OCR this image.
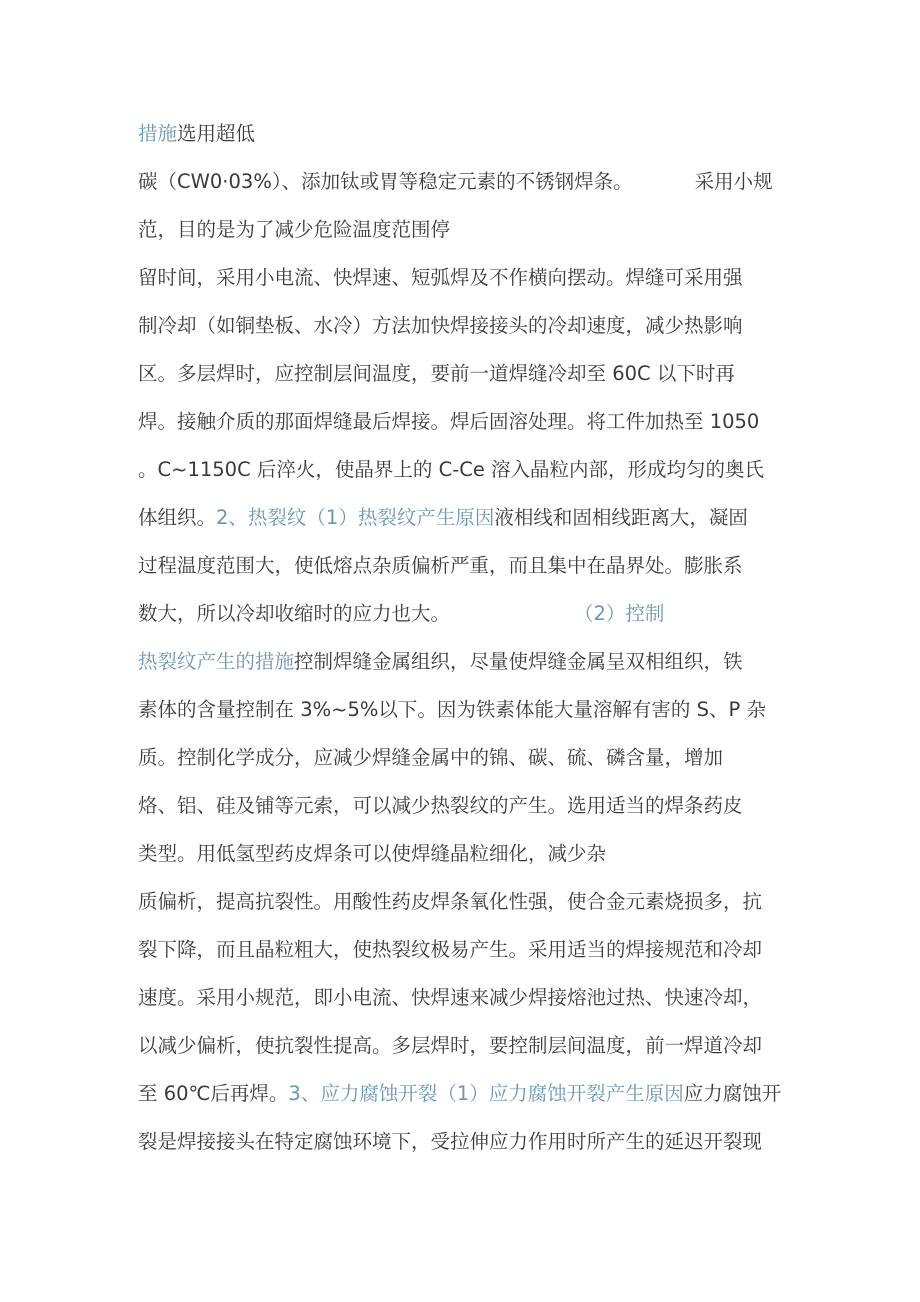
措施选用超低
碳（CW0·03%）、添加钛或胃等稳定元素的不锈钢焊条。          采用小规
范，目的是为了减少危险温度范围停
留时间，采用小电流、快焊速、短弧焊及不作横向摆动。焊缝可采用强
制冷却（如铜垫板、水冷）方法加快焊接接头的冷却速度，减少热影响
区。多层焊时，应控制层间温度，要前一道焊缝冷却至 60C 以下时再
焊。接触介质的那面焊缝最后焊接。焊后固溶处理。将工件加热至 1050
。C~1150C 后淬火，使晶界上的 C-Ce 溶入晶粒内部，形成均匀的奥氏
体组织。2、热裂纹（1）热裂纹产生原因液相线和固相线距离大，凝固
过程温度范围大，使低熔点杂质偏析严重，而且集中在晶界处。膨胀系
数大，所以冷却收缩时的应力也大。                    （2）控制
热裂纹产生的措施控制焊缝金属组织，尽量使焊缝金属呈双相组织，铁
素体的含量控制在 3%~5%以下。因为铁素体能大量溶解有害的 S、P 杂
质。控制化学成分，应减少焊缝金属中的锦、碳、硫、磷含量，增加
烙、铝、硅及铺等元索，可以减少热裂纹的产生。选用适当的焊条药皮
类型。用低氢型药皮焊条可以使焊缝晶粒细化，减少杂
质偏析，提高抗裂性。用酸性药皮焊条氧化性强，使合金元素烧损多，抗
裂下降，而且晶粒粗大，使热裂纹极易产生。采用适当的焊接规范和冷却
速度。采用小规范，即小电流、快焊速来减少焊接熔池过热、快速冷却，
以减少偏析，使抗裂性提高。多层焊时，要控制层间温度，前一焊道冷却
至 60℃后再焊。3、应力腐蚀开裂（1）应力腐蚀开裂产生原因应力腐蚀开
裂是焊接接头在特定腐蚀环境下，受拉伸应力作用时所产生的延迟开裂现
